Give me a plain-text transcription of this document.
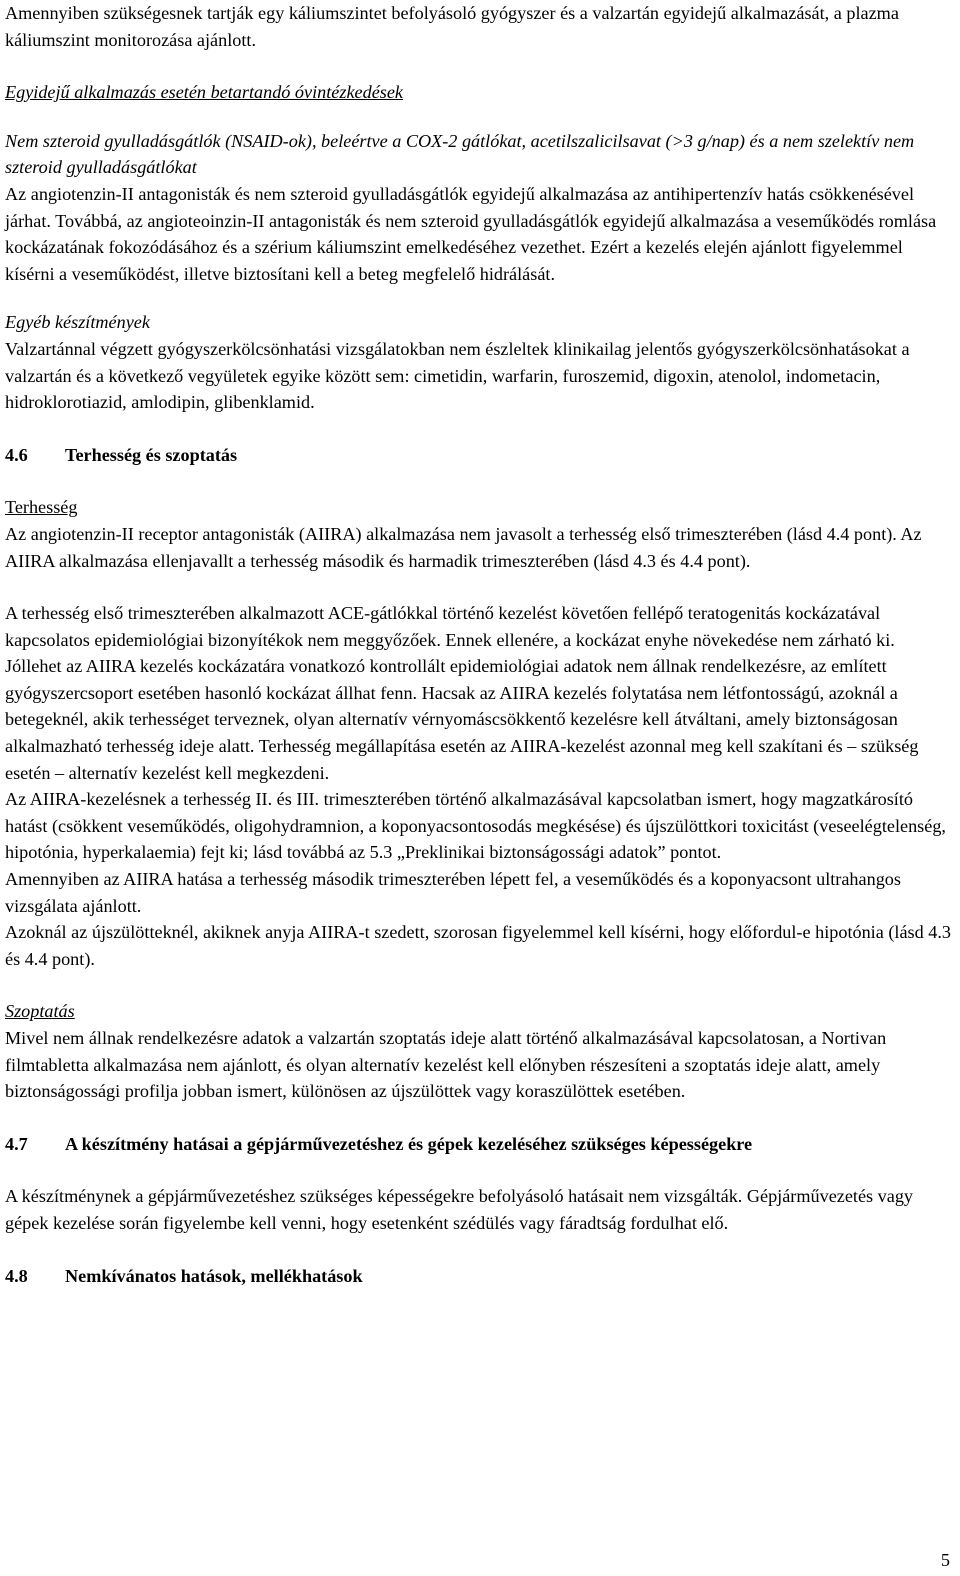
Amennyiben szükségesnek tartják egy káliumszintet befolyásoló gyógyszer és a valzartán egyidejű alkalmazását, a plazma káliumszint monitorozása ajánlott.

Egyidejű alkalmazás esetén betartandó óvintézkedések

Nem szteroid gyulladásgátlók (NSAID-ok), beleértve a COX-2 gátlókat, acetilszalicilsavat (>3 g/nap) és a nem szelektív nem szteroid gyulladásgátlókat

Az angiotenzin-II antagonisták és nem szteroid gyulladásgátlók egyidejű alkalmazása az antihipertenzív hatás csökkenésével járhat. Továbbá, az angioteoinzin-II antagonisták és nem szteroid gyulladásgátlók egyidejű alkalmazása a veseműködés romlása kockázatának fokozódásához és a szérium káliumszint emelkedéséhez vezethet. Ezért a kezelés elején ajánlott figyelemmel kísérni a veseműködést, illetve biztosítani kell a beteg megfelelő hidrálását.

Egyéb készítmények

Valzartánnal végzett gyógyszerkölcsönhatási vizsgálatokban nem észleltek klinikailag jelentős gyógyszerkölcsönhatásokat a valzartán és a következő vegyületek egyike között sem: cimetidin, warfarin, furoszemid, digoxin, atenolol, indometacin, hidroklorotiazid, amlodipin, glibenklamid.

4.6	Terhesség és szoptatás

Terhesség

Az angiotenzin-II receptor antagonisták (AIIRA) alkalmazása nem javasolt a terhesség első trimeszterében (lásd 4.4 pont). Az AIIRA alkalmazása ellenjavallt a terhesség második és harmadik trimeszterében (lásd 4.3 és 4.4 pont).

A terhesség első trimeszterében alkalmazott ACE-gátlókkal történő kezelést követően fellépő teratogenitás kockázatával kapcsolatos epidemiológiai bizonyítékok nem meggyőzőek. Ennek ellenére, a kockázat enyhe növekedése nem zárható ki. Jóllehet az AIIRA kezelés kockázatára vonatkozó kontrollált epidemiológiai adatok nem állnak rendelkezésre, az említett gyógyszercsoport esetében hasonló kockázat állhat fenn. Hacsak az AIIRA kezelés folytatása nem létfontosságú, azoknál a betegeknél, akik terhességet terveznek, olyan alternatív vérnyomáscsökkentő kezelésre kell átváltani, amely biztonságosan alkalmazható terhesség ideje alatt. Terhesség megállapítása esetén az AIIRA-kezelést azonnal meg kell szakítani és – szükség esetén – alternatív kezelést kell megkezdeni.

Az AIIRA-kezelésnek a terhesség II. és III. trimeszterében történő alkalmazásával kapcsolatban ismert, hogy magzatkárosító hatást (csökkent veseműködés, oligohydramnion, a koponyacsontosodás megkésése) és újszülöttkori toxicitást (veseelégtelenség, hipotónia, hyperkalaemia) fejt ki; lásd továbbá az 5.3 „Preklinikai biztonságossági adatok” pontot.

Amennyiben az AIIRA hatása a terhesség második trimeszterében lépett fel, a veseműködés és a koponyacsont ultrahangos vizsgálata ajánlott.

Azoknál az újszülötteknél, akiknek anyja AIIRA-t szedett, szorosan figyelemmel kell kísérni, hogy előfordul-e hipotónia (lásd 4.3 és 4.4 pont).

Szoptatás

Mivel nem állnak rendelkezésre adatok a valzartán szoptatás ideje alatt történő alkalmazásával kapcsolatosan, a Nortivan filmtabletta alkalmazása nem ajánlott, és olyan alternatív kezelést kell előnyben részesíteni a szoptatás ideje alatt, amely biztonságossági profilja jobban ismert, különösen az újszülöttek vagy koraszülöttek esetében.

4.7	A készítmény hatásai a gépjárművezetéshez és gépek kezeléséhez szükséges képességekre

A készítménynek a gépjárművezetéshez szükséges képességekre befolyásoló hatásait nem vizsgálták. Gépjárművezetés vagy gépek kezelése során figyelembe kell venni, hogy esetenként szédülés vagy fáradtság fordulhat elő.

4.8	Nemkívánatos hatások, mellékhatások
5
